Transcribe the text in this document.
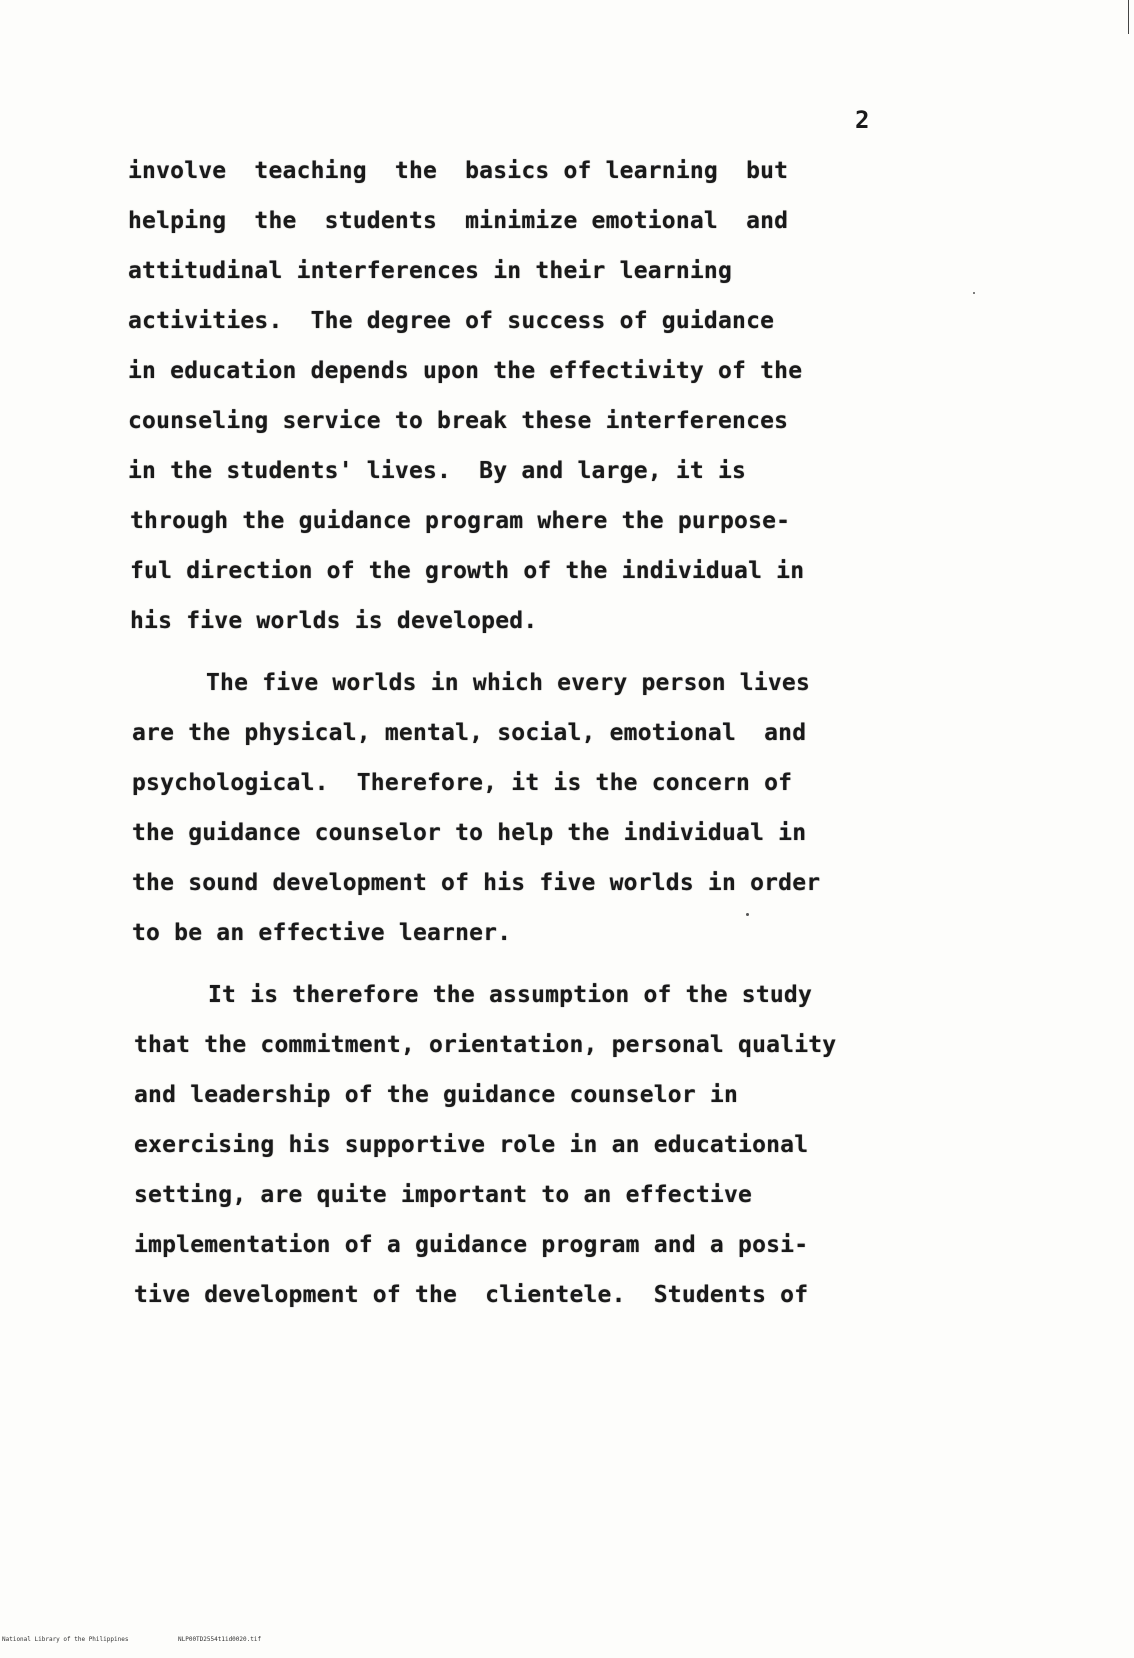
2
involve  teaching  the  basics of learning  but
helping  the  students  minimize emotional  and
attitudinal interferences in their learning
activities.  The degree of success of guidance
in education depends upon the effectivity of the
counseling service to break these interferences
in the students' lives.  By and large, it is
through the guidance program where the purpose-
ful direction of the growth of the individual in
his five worlds is developed.
The five worlds in which every person lives
are the physical, mental, social, emotional  and
psychological.  Therefore, it is the concern of
the guidance counselor to help the individual in
the sound development of his five worlds in order
to be an effective learner.
It is therefore the assumption of the study
that the commitment, orientation, personal quality
and leadership of the guidance counselor in
exercising his supportive role in an educational
setting, are quite important to an effective
implementation of a guidance program and a posi-
tive development of the  clientele.  Students of
National Library of the Philippines	NLP00TD2554t1id0020.tif
